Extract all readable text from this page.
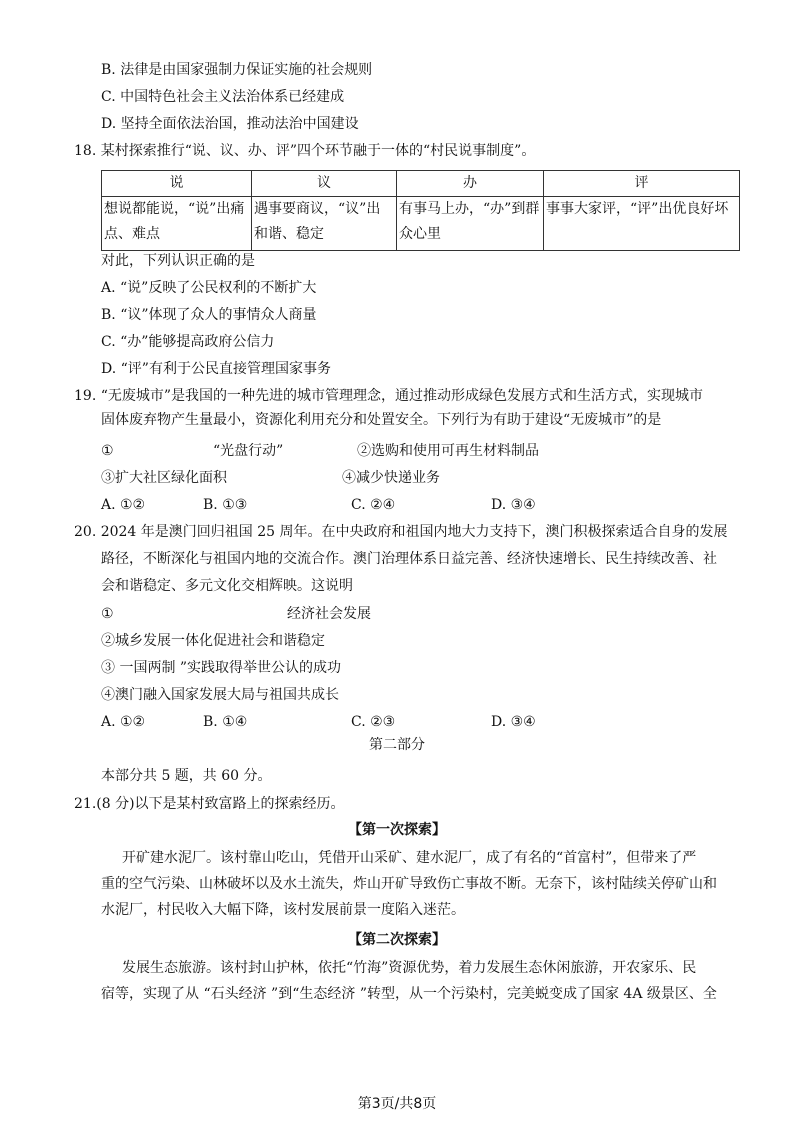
B. 法律是由国家强制力保证实施的社会规则
C. 中国特色社会主义法治体系已经建成
D. 坚持全面依法治国，推动法治中国建设
18. 某村探索推行“说、议、办、评”四个环节融于一体的“村民说事制度”。
说	议	办	评
想说都能说，“说”出痛点、难点	遇事要商议，“议”出和谐、稳定	有事马上办，“办”到群众心里	事事大家评，“评”出优良好坏
对此，下列认识正确的是
A. “说”反映了公民权利的不断扩大
B. “议”体现了众人的事情众人商量
C. “办”能够提高政府公信力
D. “评”有利于公民直接管理国家事务
19. “无废城市”是我国的一种先进的城市管理理念，通过推动形成绿色发展方式和生活方式，实现城市
固体废弃物产生量最小，资源化利用充分和处置安全。下列行为有助于建设“无废城市”的是
①	“光盘行动”	②选购和使用可再生材料制品
③扩大社区绿化面积	④减少快递业务
A. ①②	B. ①③	C. ②④	D. ③④
20. 2024 年是澳门回归祖国 25 周年。在中央政府和祖国内地大力支持下，澳门积极探索适合自身的发展
路径，不断深化与祖国内地的交流合作。澳门治理体系日益完善、经济快速增长、民生持续改善、社
会和谐稳定、多元文化交相辉映。这说明
①	经济社会发展
②城乡发展一体化促进社会和谐稳定
③ 一国两制 ”实践取得举世公认的成功
④澳门融入国家发展大局与祖国共成长
A. ①②	B. ①④	C. ②③	D. ③④
第二部分
本部分共 5 题，共 60 分。
21.(8 分)以下是某村致富路上的探索经历。
【第一次探索】
开矿建水泥厂。该村靠山吃山，凭借开山采矿、建水泥厂，成了有名的“首富村”，但带来了严
重的空气污染、山林破坏以及水土流失，炸山开矿导致伤亡事故不断。无奈下，该村陆续关停矿山和
水泥厂，村民收入大幅下降，该村发展前景一度陷入迷茫。
【第二次探索】
发展生态旅游。该村封山护林，依托“竹海”资源优势，着力发展生态休闲旅游，开农家乐、民
宿等，实现了从 “石头经济 ”到“生态经济 ”转型，从一个污染村，完美蜕变成了国家 4A 级景区、全
第3页/共8页
